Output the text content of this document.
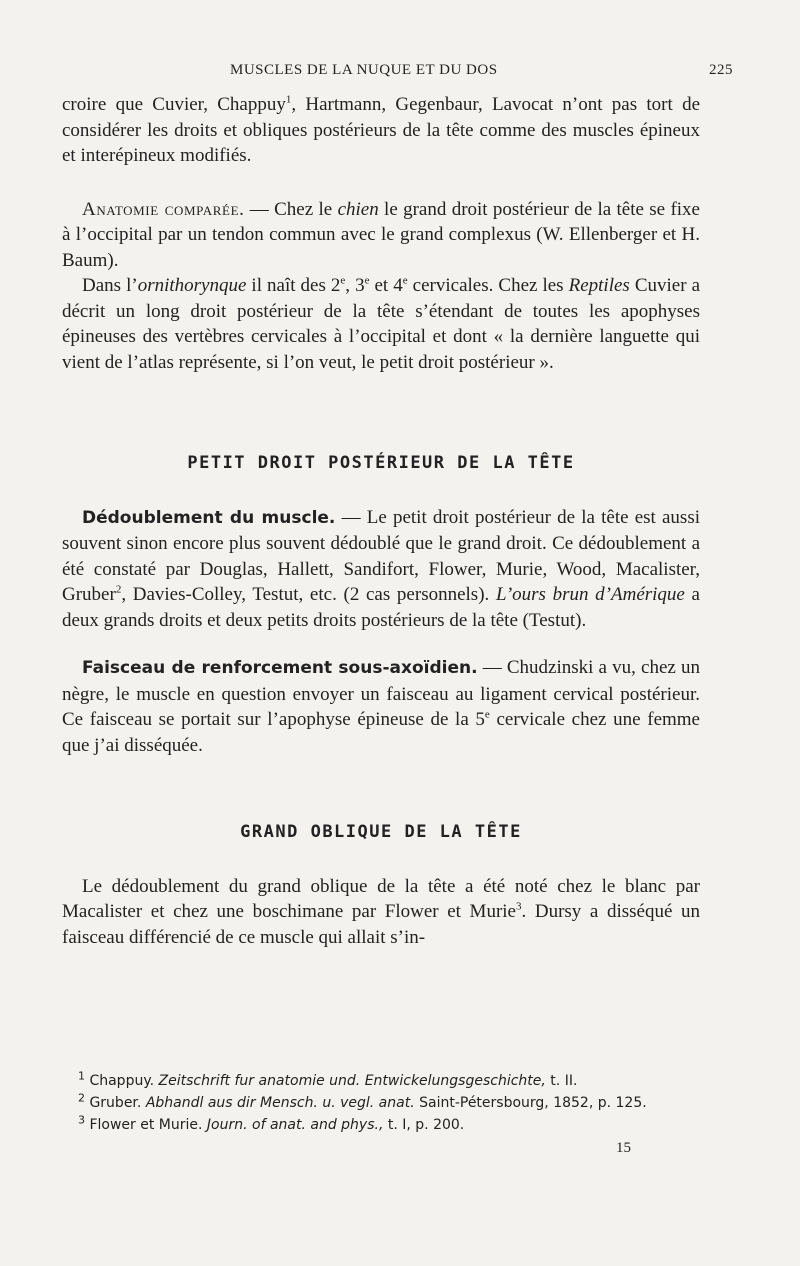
MUSCLES DE LA NUQUE ET DU DOS	225

croire que Cuvier, Chappuy$^1$, Hartmann, Gegenbaur, Lavocat n’ont pas tort de considérer les droits et obliques postérieurs de la tête comme des muscles épineux et interépineux modifiés.

Anatomie comparée. — Chez le chien le grand droit postérieur de la tête se fixe à l’occipital par un tendon commun avec le grand complexus (W. Ellenberger et H. Baum).

Dans l’ornithorynque il naît des 2e, 3e et 4e cervicales. Chez les Reptiles Cuvier a décrit un long droit postérieur de la tête s’étendant de toutes les apophyses épineuses des vertèbres cervicales à l’occipital et dont « la dernière languette qui vient de l’atlas représente, si l’on veut, le petit droit postérieur ».

PETIT DROIT POSTÉRIEUR DE LA TÊTE

Dédoublement du muscle. — Le petit droit postérieur de la tête est aussi souvent sinon encore plus souvent dédoublé que le grand droit. Ce dédoublement a été constaté par Douglas, Hallett, Sandifort, Flower, Murie, Wood, Macalister, Gruber$^2$, Davies-Colley, Testut, etc. (2 cas personnels). L’ours brun d’Amérique a deux grands droits et deux petits droits postérieurs de la tête (Testut).

Faisceau de renforcement sous-axoïdien. — Chudzinski a vu, chez un nègre, le muscle en question envoyer un faisceau au ligament cervical postérieur. Ce faisceau se portait sur l’apophyse épineuse de la 5e cervicale chez une femme que j’ai disséquée.

GRAND OBLIQUE DE LA TÊTE

Le dédoublement du grand oblique de la tête a été noté chez le blanc par Macalister et chez une boschimane par Flower et Murie$^3$. Dursy a disséqué un faisceau différencié de ce muscle qui allait s’in-

$^1$ Chappuy. Zeitschrift fur anatomie und. Entwickelungsgeschichte, t. II.

$^2$ Gruber. Abhandl aus dir Mensch. u. vegl. anat. Saint-Pétersbourg, 1852, p. 125.

$^3$ Flower et Murie. Journ. of anat. and phys., t. I, p. 200.

15
